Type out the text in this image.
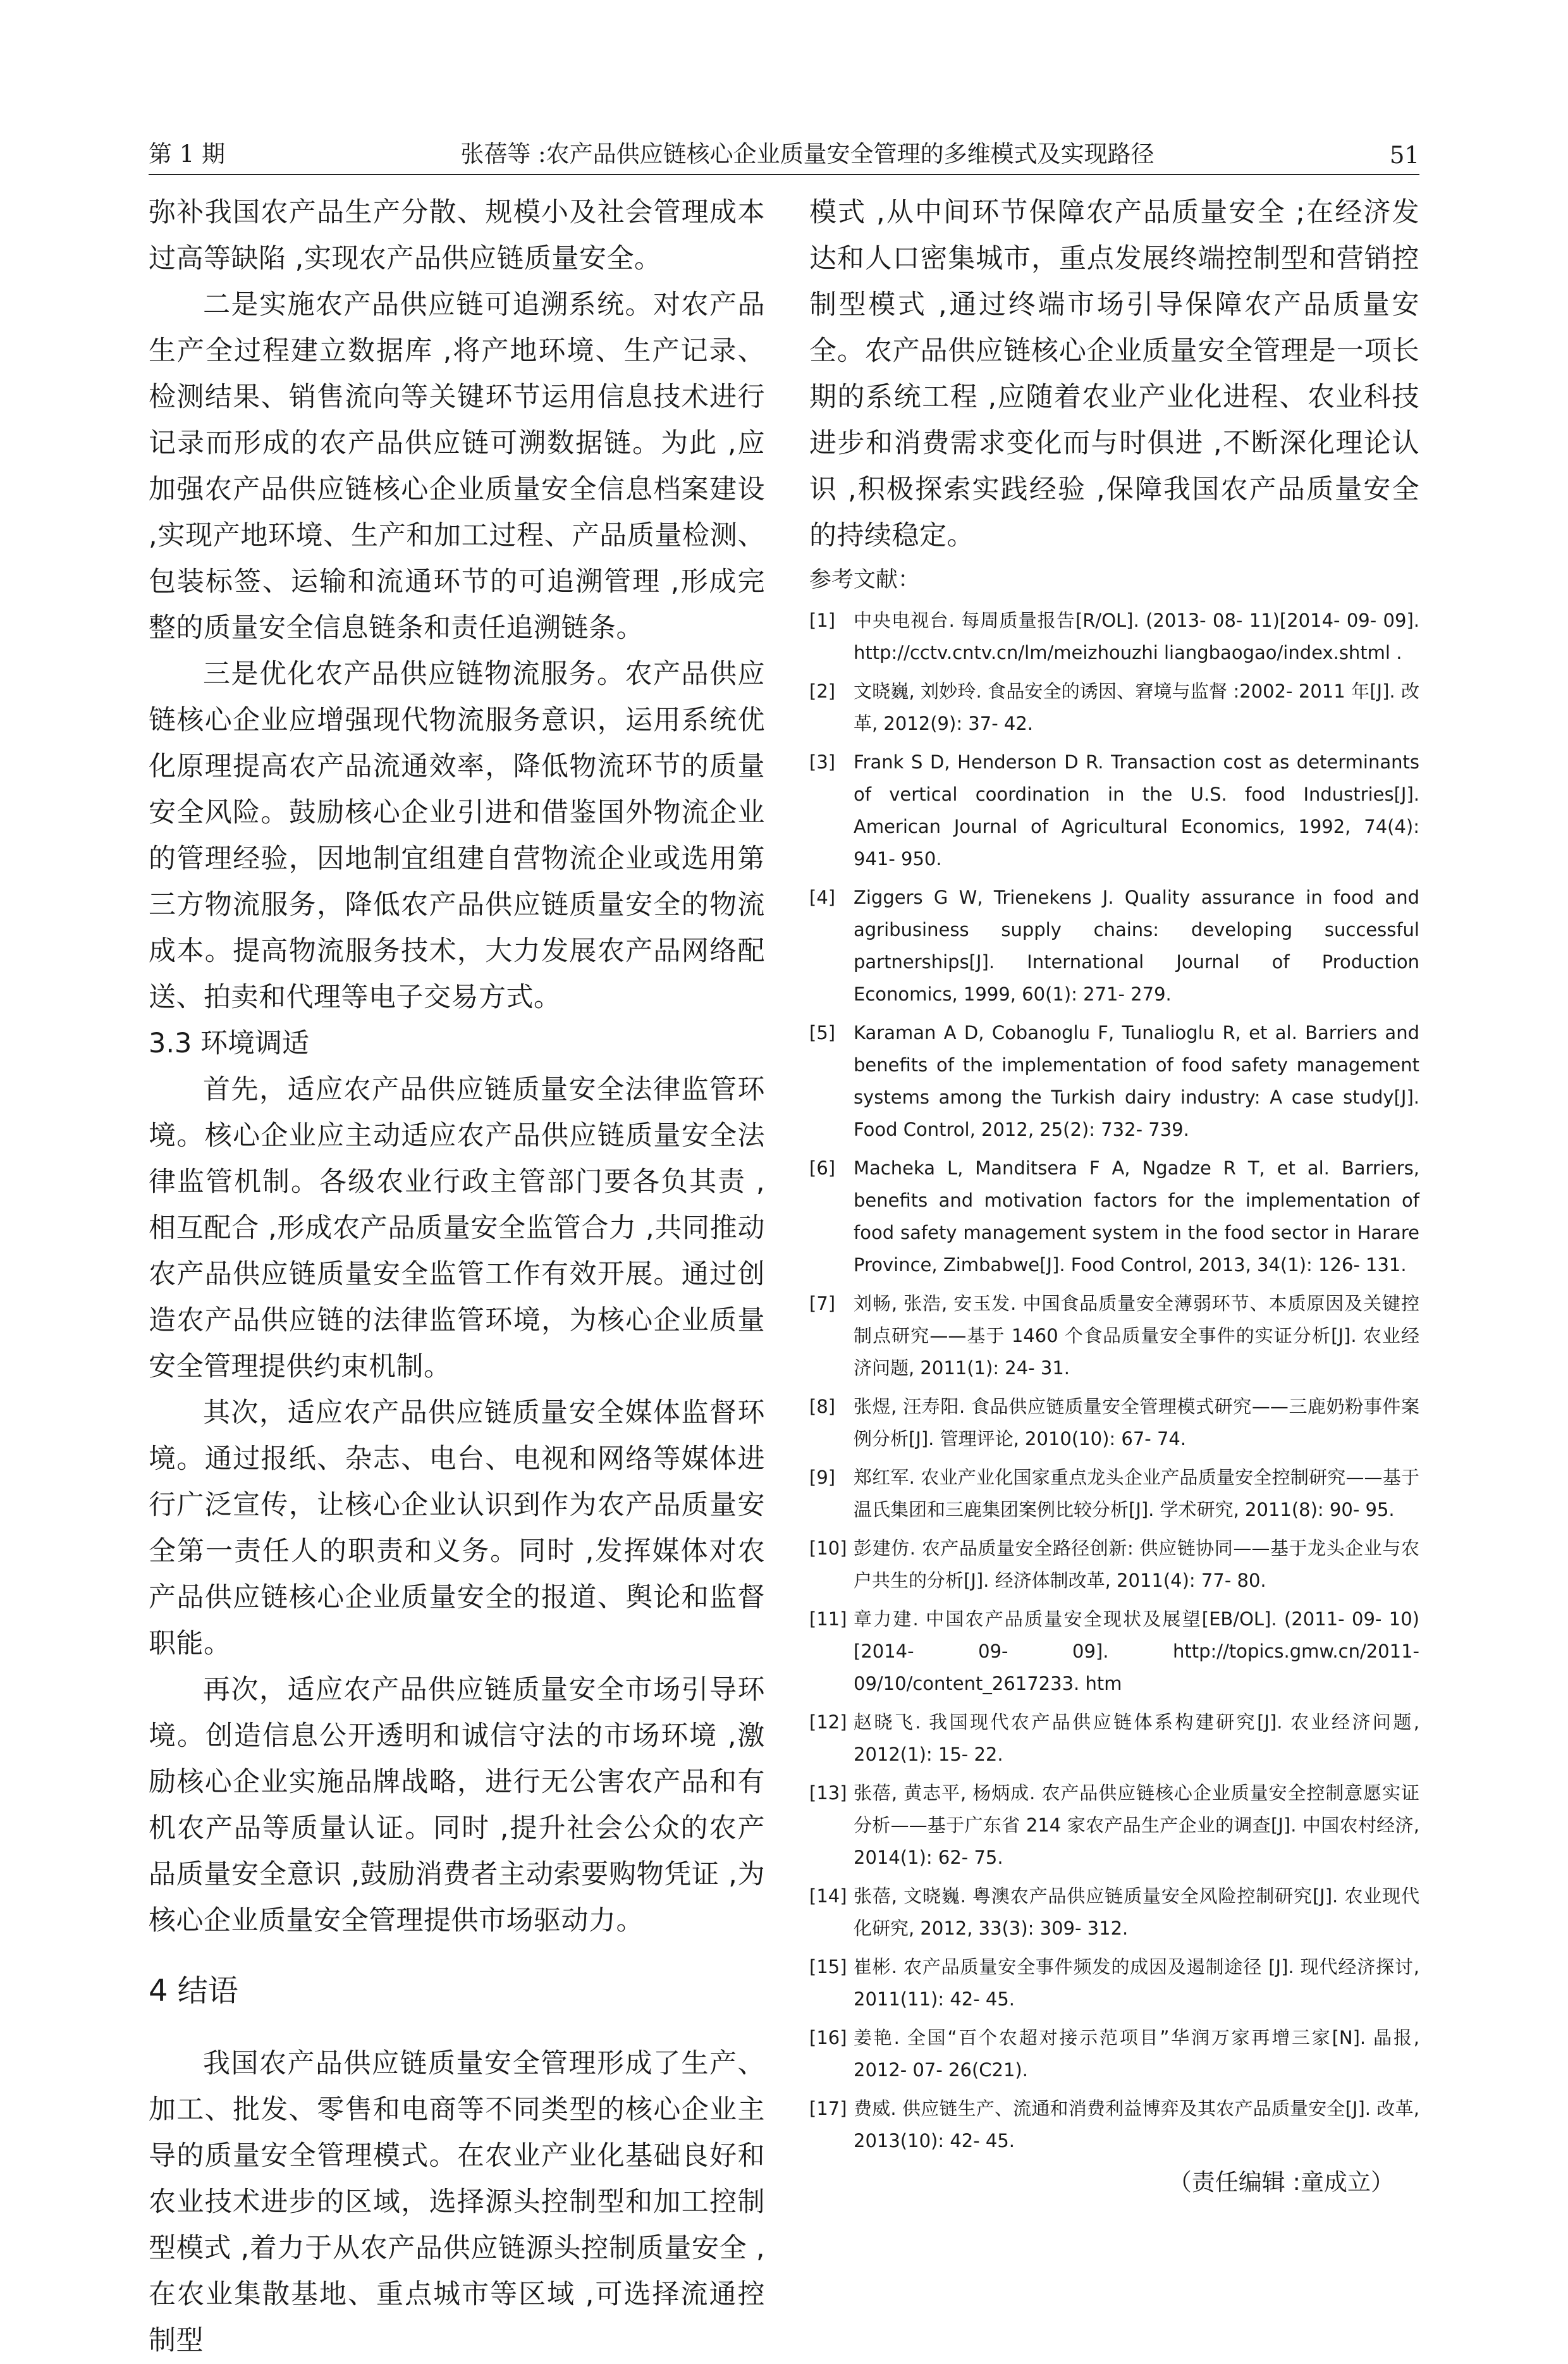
第 1 期	张蓓等 :农产品供应链核心企业质量安全管理的多维模式及实现路径	51

弥补我国农产品生产分散、规模小及社会管理成本过高等缺陷 ,实现农产品供应链质量安全。

二是实施农产品供应链可追溯系统。对农产品生产全过程建立数据库 ,将产地环境、生产记录、检测结果、销售流向等关键环节运用信息技术进行记录而形成的农产品供应链可溯数据链。为此 ,应加强农产品供应链核心企业质量安全信息档案建设 ,实现产地环境、生产和加工过程、产品质量检测、包装标签、运输和流通环节的可追溯管理 ,形成完整的质量安全信息链条和责任追溯链条。

三是优化农产品供应链物流服务。农产品供应链核心企业应增强现代物流服务意识，运用系统优化原理提高农产品流通效率，降低物流环节的质量安全风险。鼓励核心企业引进和借鉴国外物流企业的管理经验，因地制宜组建自营物流企业或选用第三方物流服务，降低农产品供应链质量安全的物流成本。提高物流服务技术，大力发展农产品网络配送、拍卖和代理等电子交易方式。

3.3 环境调适

首先，适应农产品供应链质量安全法律监管环境。核心企业应主动适应农产品供应链质量安全法律监管机制。各级农业行政主管部门要各负其责 ,相互配合 ,形成农产品质量安全监管合力 ,共同推动农产品供应链质量安全监管工作有效开展。通过创造农产品供应链的法律监管环境，为核心企业质量安全管理提供约束机制。

其次，适应农产品供应链质量安全媒体监督环境。通过报纸、杂志、电台、电视和网络等媒体进行广泛宣传，让核心企业认识到作为农产品质量安全第一责任人的职责和义务。同时 ,发挥媒体对农产品供应链核心企业质量安全的报道、舆论和监督职能。

再次，适应农产品供应链质量安全市场引导环境。创造信息公开透明和诚信守法的市场环境 ,激励核心企业实施品牌战略，进行无公害农产品和有机农产品等质量认证。同时 ,提升社会公众的农产品质量安全意识 ,鼓励消费者主动索要购物凭证 ,为核心企业质量安全管理提供市场驱动力。

4 结语

我国农产品供应链质量安全管理形成了生产、加工、批发、零售和电商等不同类型的核心企业主导的质量安全管理模式。在农业产业化基础良好和农业技术进步的区域，选择源头控制型和加工控制型模式 ,着力于从农产品供应链源头控制质量安全 ,在农业集散基地、重点城市等区域 ,可选择流通控制型

模式 ,从中间环节保障农产品质量安全 ;在经济发达和人口密集城市，重点发展终端控制型和营销控制型模式 ,通过终端市场引导保障农产品质量安全。农产品供应链核心企业质量安全管理是一项长期的系统工程 ,应随着农业产业化进程、农业科技进步和消费需求变化而与时俱进 ,不断深化理论认识 ,积极探索实践经验 ,保障我国农产品质量安全的持续稳定。

参考文献：

[1] 中央电视台. 每周质量报告[R/OL]. (2013- 08- 11)[2014- 09- 09]. http://cctv.cntv.cn/lm/meizhouzhi liangbaogao/index.shtml .
[2] 文晓巍, 刘妙玲. 食品安全的诱因、窘境与监督 :2002- 2011 年[J]. 改革, 2012(9): 37- 42.
[3] Frank S D, Henderson D R. Transaction cost as determinants of vertical coordination in the U.S. food Industries[J]. American Journal of Agricultural Economics, 1992, 74(4): 941- 950.
[4] Ziggers G W, Trienekens J. Quality assurance in food and agribusiness supply chains: developing successful partnerships[J]. International Journal of Production Economics, 1999, 60(1): 271- 279.
[5] Karaman A D, Cobanoglu F, Tunalioglu R, et al. Barriers and benefits of the implementation of food safety management systems among the Turkish dairy industry: A case study[J]. Food Control, 2012, 25(2): 732- 739.
[6] Macheka L, Manditsera F A, Ngadze R T, et al. Barriers, benefits and motivation factors for the implementation of food safety management system in the food sector in Harare Province, Zimbabwe[J]. Food Control, 2013, 34(1): 126- 131.
[7] 刘畅, 张浩, 安玉发. 中国食品质量安全薄弱环节、本质原因及关键控制点研究——基于 1460 个食品质量安全事件的实证分析[J]. 农业经济问题, 2011(1): 24- 31.
[8] 张煜, 汪寿阳. 食品供应链质量安全管理模式研究——三鹿奶粉事件案例分析[J]. 管理评论, 2010(10): 67- 74.
[9] 郑红军. 农业产业化国家重点龙头企业产品质量安全控制研究——基于温氏集团和三鹿集团案例比较分析[J]. 学术研究, 2011(8): 90- 95.
[10] 彭建仿. 农产品质量安全路径创新: 供应链协同——基于龙头企业与农户共生的分析[J]. 经济体制改革, 2011(4): 77- 80.
[11] 章力建. 中国农产品质量安全现状及展望[EB/OL]. (2011- 09- 10)[2014- 09- 09]. http://topics.gmw.cn/2011- 09/10/content_2617233. htm
[12] 赵晓飞. 我国现代农产品供应链体系构建研究[J]. 农业经济问题, 2012(1): 15- 22.
[13] 张蓓, 黄志平, 杨炳成. 农产品供应链核心企业质量安全控制意愿实证分析——基于广东省 214 家农产品生产企业的调查[J]. 中国农村经济, 2014(1): 62- 75.
[14] 张蓓, 文晓巍. 粤澳农产品供应链质量安全风险控制研究[J]. 农业现代化研究, 2012, 33(3): 309- 312.
[15] 崔彬. 农产品质量安全事件频发的成因及遏制途径 [J]. 现代经济探讨, 2011(11): 42- 45.
[16] 姜艳. 全国“百个农超对接示范项目”华润万家再增三家[N]. 晶报, 2012- 07- 26(C21).
[17] 费威. 供应链生产、流通和消费利益博弈及其农产品质量安全[J]. 改革, 2013(10): 42- 45.
（责任编辑 :童成立）
